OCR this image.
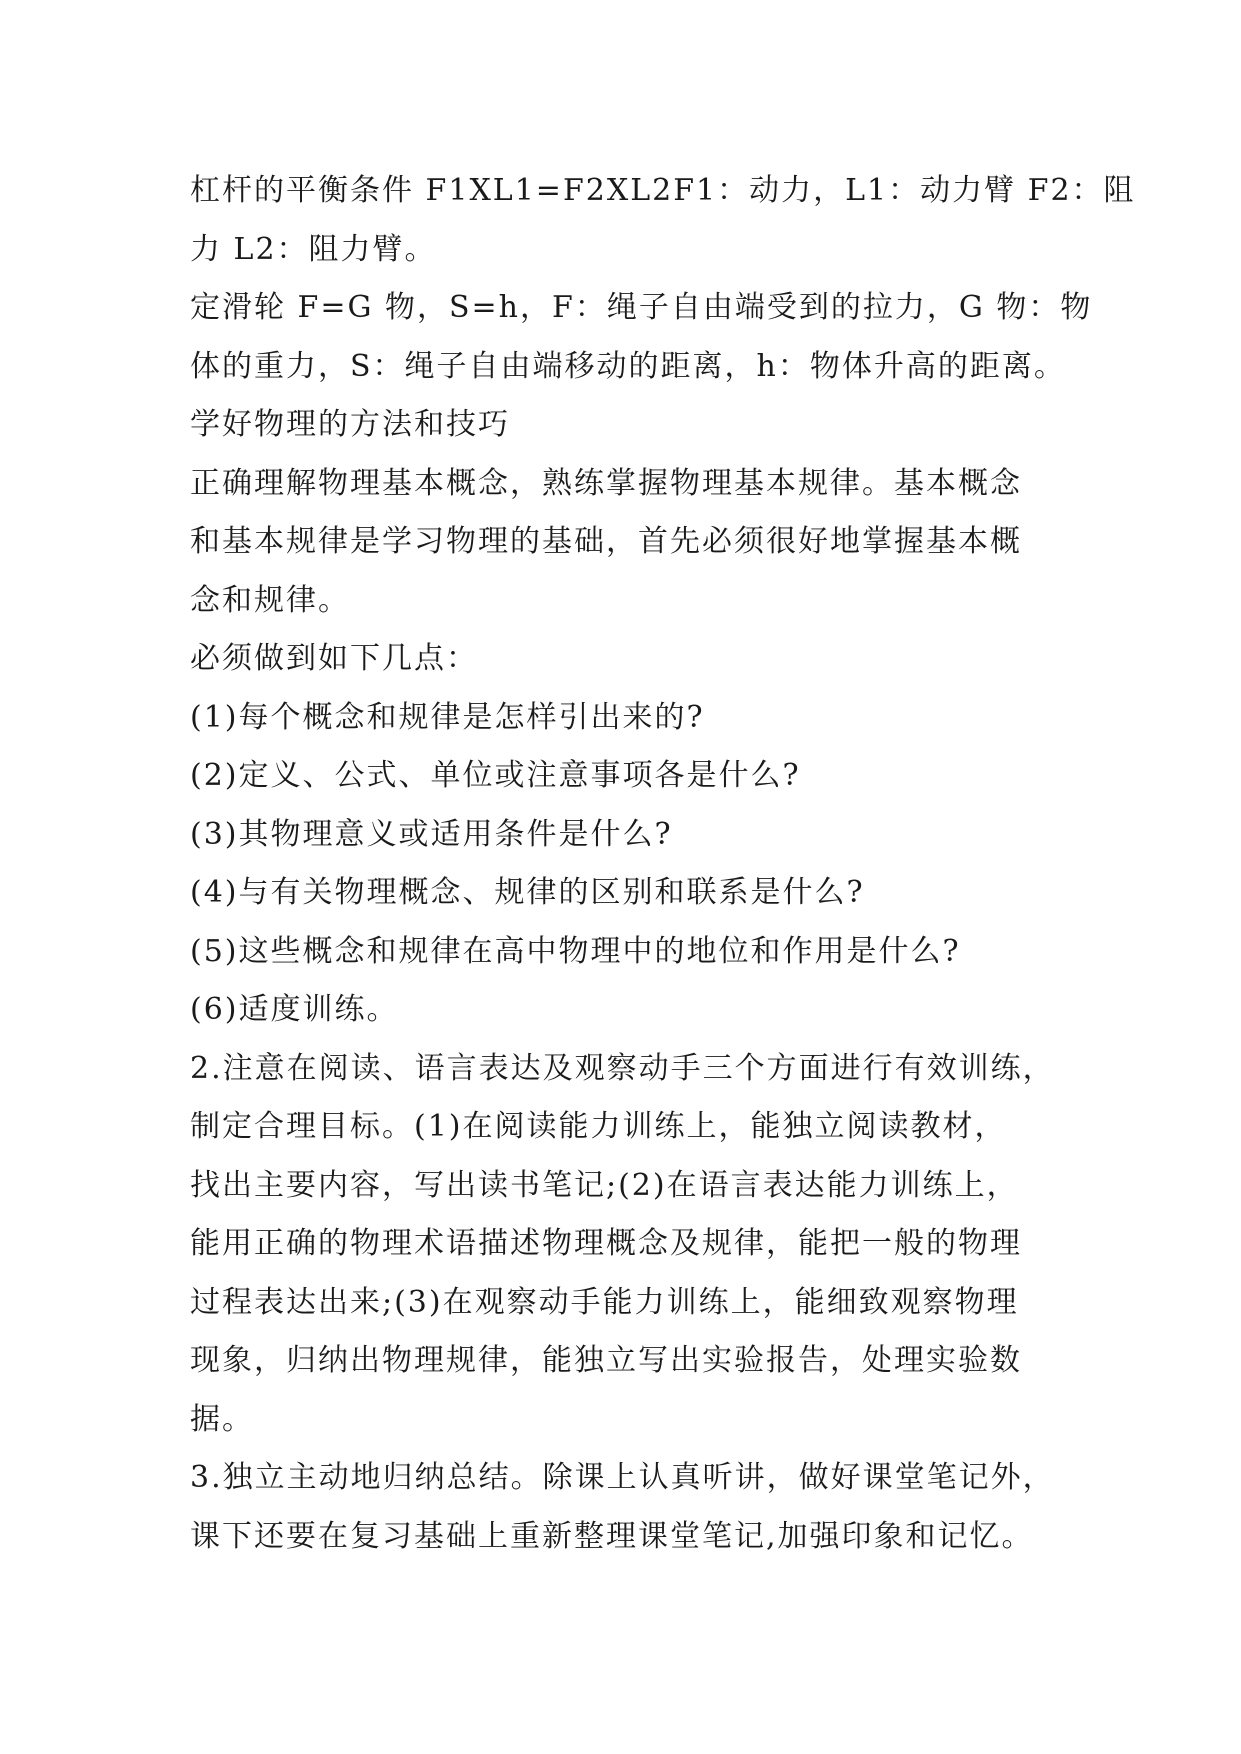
杠杆的平衡条件 F1XL1=F2XL2F1：动力，L1：动力臂 F2：阻
力 L2：阻力臂。
定滑轮 F=G 物，S=h，F：绳子自由端受到的拉力，G 物：物
体的重力，S：绳子自由端移动的距离，h：物体升高的距离。
学好物理的方法和技巧
正确理解物理基本概念，熟练掌握物理基本规律。基本概念
和基本规律是学习物理的基础，首先必须很好地掌握基本概
念和规律。
必须做到如下几点：
(1)每个概念和规律是怎样引出来的?
(2)定义、公式、单位或注意事项各是什么?
(3)其物理意义或适用条件是什么?
(4)与有关物理概念、规律的区别和联系是什么?
(5)这些概念和规律在高中物理中的地位和作用是什么?
(6)适度训练。
2.注意在阅读、语言表达及观察动手三个方面进行有效训练，
制定合理目标。(1)在阅读能力训练上，能独立阅读教材，
找出主要内容，写出读书笔记;(2)在语言表达能力训练上，
能用正确的物理术语描述物理概念及规律，能把一般的物理
过程表达出来;(3)在观察动手能力训练上，能细致观察物理
现象，归纳出物理规律，能独立写出实验报告，处理实验数
据。
3.独立主动地归纳总结。除课上认真听讲，做好课堂笔记外，
课下还要在复习基础上重新整理课堂笔记,加强印象和记忆。
